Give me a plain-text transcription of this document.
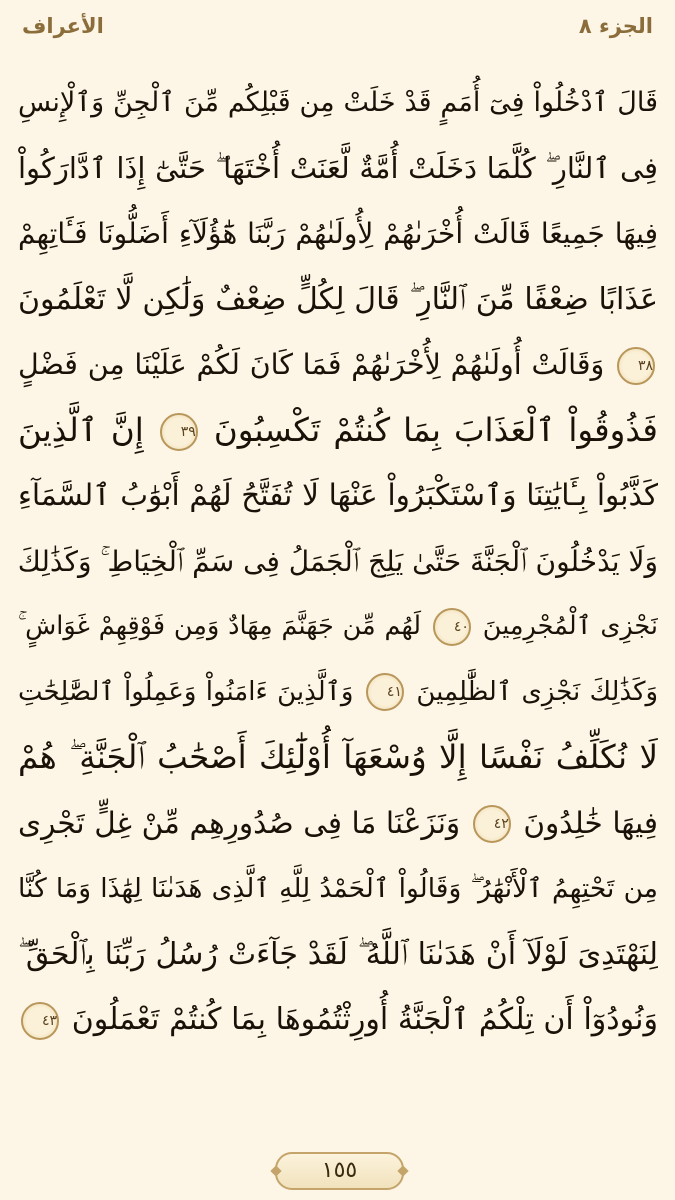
الجزء ٨
الأعراف
قَالَ ٱدْخُلُواْ فِىٓ أُمَمٍ قَدْ خَلَتْ مِن قَبْلِكُم مِّنَ ٱلْجِنِّ وَٱلْإِنسِ
فِى ٱلنَّارِ ۖ كُلَّمَا دَخَلَتْ أُمَّةٌ لَّعَنَتْ أُخْتَهَا ۖ حَتَّىٰٓ إِذَا ٱدَّارَكُواْ
فِيهَا جَمِيعًا قَالَتْ أُخْرَىٰهُمْ لِأُولَىٰهُمْ رَبَّنَا هَٰٓؤُلَآءِ أَضَلُّونَا فَـَٔاتِهِمْ
عَذَابًا ضِعْفًا مِّنَ ٱلنَّارِ ۖ قَالَ لِكُلٍّ ضِعْفٌ وَلَٰكِن لَّا تَعْلَمُونَ
٣٨ وَقَالَتْ أُولَىٰهُمْ لِأُخْرَىٰهُمْ فَمَا كَانَ لَكُمْ عَلَيْنَا مِن فَضْلٍ
فَذُوقُواْ ٱلْعَذَابَ بِمَا كُنتُمْ تَكْسِبُونَ ٣٩ إِنَّ ٱلَّذِينَ
كَذَّبُواْ بِـَٔايَٰتِنَا وَٱسْتَكْبَرُواْ عَنْهَا لَا تُفَتَّحُ لَهُمْ أَبْوَٰبُ ٱلسَّمَآءِ
وَلَا يَدْخُلُونَ ٱلْجَنَّةَ حَتَّىٰ يَلِجَ ٱلْجَمَلُ فِى سَمِّ ٱلْخِيَاطِ ۚ وَكَذَٰلِكَ
نَجْزِى ٱلْمُجْرِمِينَ ٤٠ لَهُم مِّن جَهَنَّمَ مِهَادٌ وَمِن فَوْقِهِمْ غَوَاشٍ ۚ
وَكَذَٰلِكَ نَجْزِى ٱلظَّٰلِمِينَ ٤١ وَٱلَّذِينَ ءَامَنُواْ وَعَمِلُواْ ٱلصَّٰلِحَٰتِ
لَا نُكَلِّفُ نَفْسًا إِلَّا وُسْعَهَآ أُوْلَٰٓئِكَ أَصْحَٰبُ ٱلْجَنَّةِ ۖ هُمْ
فِيهَا خَٰلِدُونَ ٤٢ وَنَزَعْنَا مَا فِى صُدُورِهِم مِّنْ غِلٍّ تَجْرِى
مِن تَحْتِهِمُ ٱلْأَنْهَٰرُ ۖ وَقَالُواْ ٱلْحَمْدُ لِلَّهِ ٱلَّذِى هَدَىٰنَا لِهَٰذَا وَمَا كُنَّا
لِنَهْتَدِىَ لَوْلَآ أَنْ هَدَىٰنَا ٱللَّهُ ۖ لَقَدْ جَآءَتْ رُسُلُ رَبِّنَا بِٱلْحَقِّ ۖ
وَنُودُوٓاْ أَن تِلْكُمُ ٱلْجَنَّةُ أُورِثْتُمُوهَا بِمَا كُنتُمْ تَعْمَلُونَ ٤٣
١٥٥
